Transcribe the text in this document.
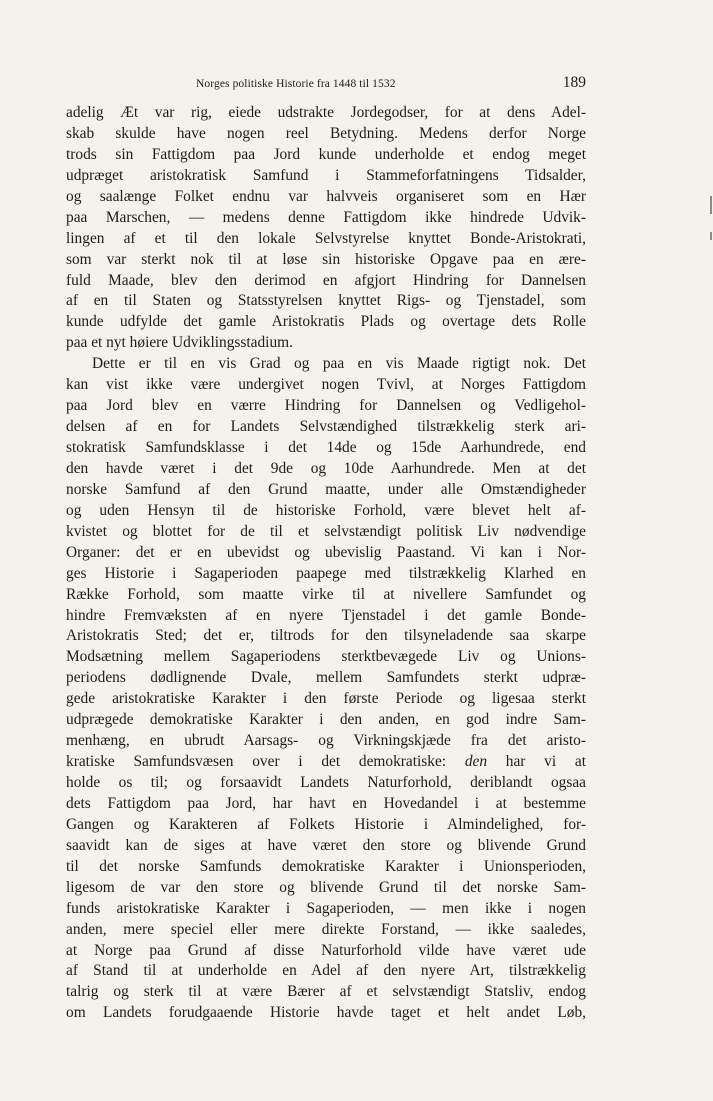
Norges politiske Historie fra 1448 til 1532	189
adelig Æt var rig, eiede udstrakte Jordegodser, for at dens Adel-
skab skulde have nogen reel Betydning. Medens derfor Norge
trods sin Fattigdom paa Jord kunde underholde et endog meget
udpræget aristokratisk Samfund i Stammeforfatningens Tidsalder,
og saalænge Folket endnu var halvveis organiseret som en Hær
paa Marschen, — medens denne Fattigdom ikke hindrede Udvik-
lingen af et til den lokale Selvstyrelse knyttet Bonde-Aristokrati,
som var sterkt nok til at løse sin historiske Opgave paa en ære-
fuld Maade, blev den derimod en afgjort Hindring for Dannelsen
af en til Staten og Statsstyrelsen knyttet Rigs- og Tjenstadel, som
kunde udfylde det gamle Aristokratis Plads og overtage dets Rolle
paa et nyt høiere Udviklingsstadium.
Dette er til en vis Grad og paa en vis Maade rigtigt nok. Det
kan vist ikke være undergivet nogen Tvivl, at Norges Fattigdom
paa Jord blev en værre Hindring for Dannelsen og Vedligehol-
delsen af en for Landets Selvstændighed tilstrækkelig sterk ari-
stokratisk Samfundsklasse i det 14de og 15de Aarhundrede, end
den havde været i det 9de og 10de Aarhundrede. Men at det
norske Samfund af den Grund maatte, under alle Omstændigheder
og uden Hensyn til de historiske Forhold, være blevet helt af-
kvistet og blottet for de til et selvstændigt politisk Liv nødvendige
Organer: det er en ubevidst og ubevislig Paastand. Vi kan i Nor-
ges Historie i Sagaperioden paapege med tilstrækkelig Klarhed en
Række Forhold, som maatte virke til at nivellere Samfundet og
hindre Fremvæksten af en nyere Tjenstadel i det gamle Bonde-
Aristokratis Sted; det er, tiltrods for den tilsyneladende saa skarpe
Modsætning mellem Sagaperiodens sterktbevægede Liv og Unions-
periodens dødlignende Dvale, mellem Samfundets sterkt udpræ-
gede aristokratiske Karakter i den første Periode og ligesaa sterkt
udprægede demokratiske Karakter i den anden, en god indre Sam-
menhæng, en ubrudt Aarsags- og Virkningskjæde fra det aristo-
kratiske Samfundsvæsen over i det demokratiske: den har vi at
holde os til; og forsaavidt Landets Naturforhold, deriblandt ogsaa
dets Fattigdom paa Jord, har havt en Hovedandel i at bestemme
Gangen og Karakteren af Folkets Historie i Almindelighed, for-
saavidt kan de siges at have været den store og blivende Grund
til det norske Samfunds demokratiske Karakter i Unionsperioden,
ligesom de var den store og blivende Grund til det norske Sam-
funds aristokratiske Karakter i Sagaperioden, — men ikke i nogen
anden, mere speciel eller mere direkte Forstand, — ikke saaledes,
at Norge paa Grund af disse Naturforhold vilde have været ude
af Stand til at underholde en Adel af den nyere Art, tilstrækkelig
talrig og sterk til at være Bærer af et selvstændigt Statsliv, endog
om Landets forudgaaende Historie havde taget et helt andet Løb,
